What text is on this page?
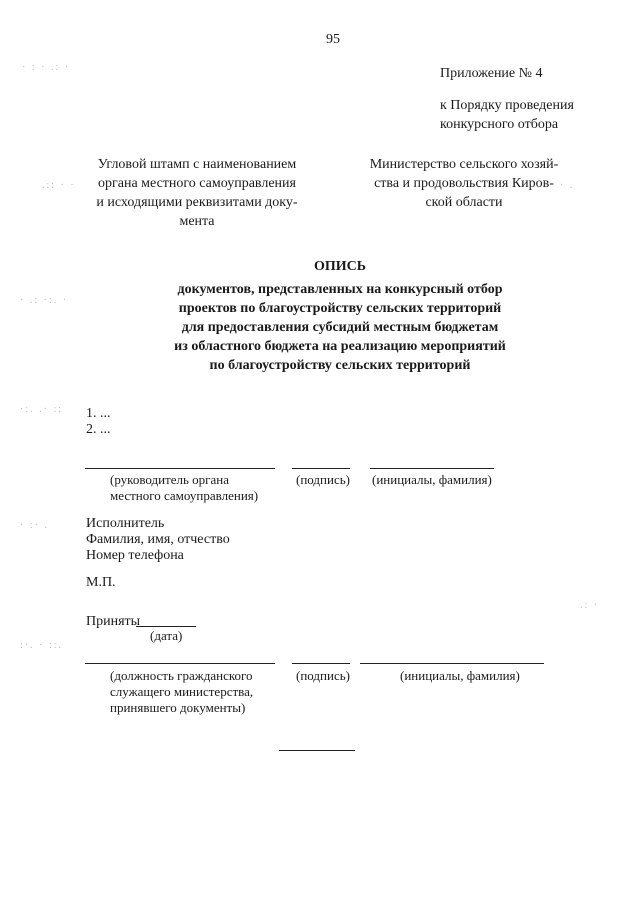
· : · .: ·
.:: · ·
· .: ·:. ·
·:. .· ::
· :· .
:·. · ::.
· .
.: ·
95
Приложение № 4
к Порядку проведения
конкурсного отбора
Угловой штамп с наименованием
органа местного самоуправления
и исходящими реквизитами доку-
мента
Министерство сельского хозяй-
ства и продовольствия Киров-
ской области
ОПИСЬ
документов, представленных на конкурсный отбор
проектов по благоустройству сельских территорий
для предоставления субсидий местным бюджетам
из областного бюджета на реализацию мероприятий
по благоустройству сельских территорий
1. ...
2. ...
(руководитель органа
местного самоуправления)
(подпись) (инициалы, фамилия)
Исполнитель
Фамилия, имя, отчество
Номер телефона
М.П.
Приняты
(дата)
(должность гражданского
служащего министерства,
принявшего документы)
(подпись)	(инициалы, фамилия)
